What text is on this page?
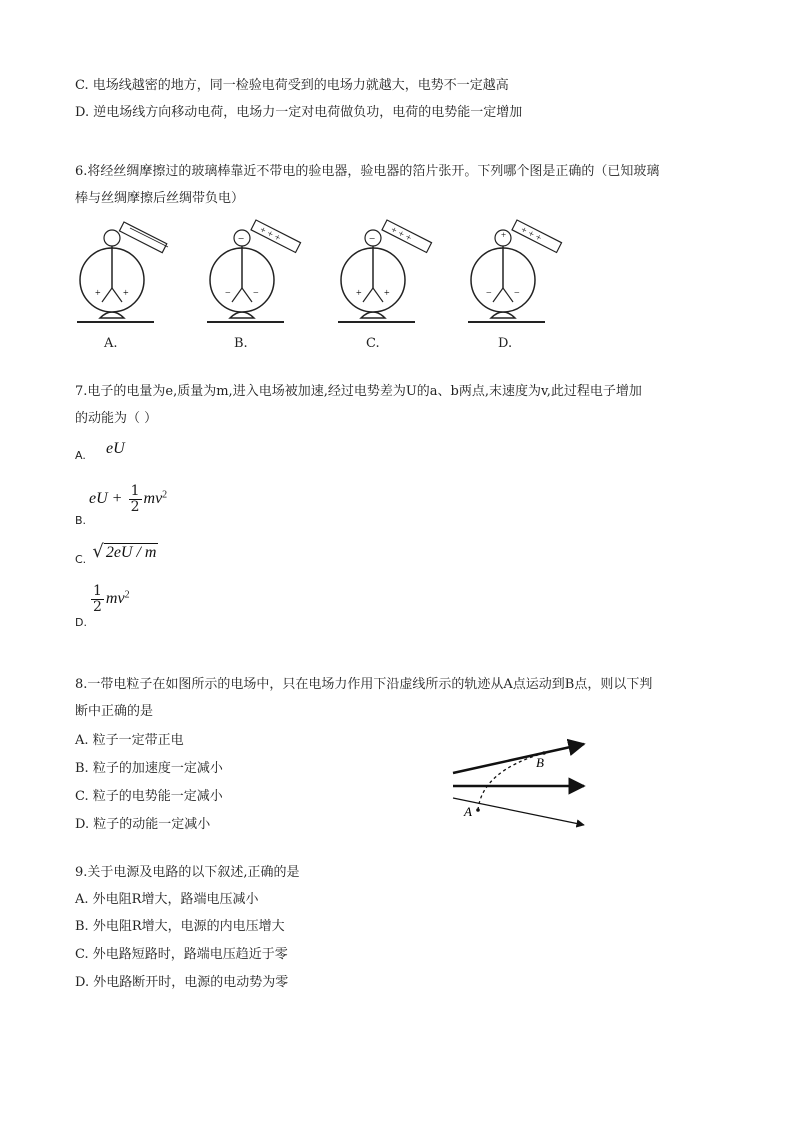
C. 电场线越密的地方，同一检验电荷受到的电场力就越大，电势不一定越高
D. 逆电场线方向移动电荷，电场力一定对电荷做负功，电荷的电势能一定增加
6.将经丝绸摩擦过的玻璃棒靠近不带电的验电器，验电器的箔片张开。下列哪个图是正确的（已知玻璃
棒与丝绸摩擦后丝绸带负电）
+ +
−
− −
+ + +	−
+ +
+ + +	+
− −
+ + +
A.	B.	C.	D.
7.电子的电量为e,质量为m,进入电场被加速,经过电势差为U的a、b两点,末速度为v,此过程电子增加
的动能为（ ）
A. eU
eU + $\frac{1}{2} mv^2$
B.
$_{C.}$ √ 2eU / m
$\frac{1}{2} mv^2$
D.
8.一带电粒子在如图所示的电场中，只在电场力作用下沿虚线所示的轨迹从A点运动到B点，则以下判
断中正确的是
A. 粒子一定带正电
B. 粒子的加速度一定减小
C. 粒子的电势能一定减小
D. 粒子的动能一定减小
A
B
9.关于电源及电路的以下叙述,正确的是
A. 外电阻R增大，路端电压减小
B. 外电阻R增大，电源的内电压增大
C. 外电路短路时，路端电压趋近于零
D. 外电路断开时，电源的电动势为零
